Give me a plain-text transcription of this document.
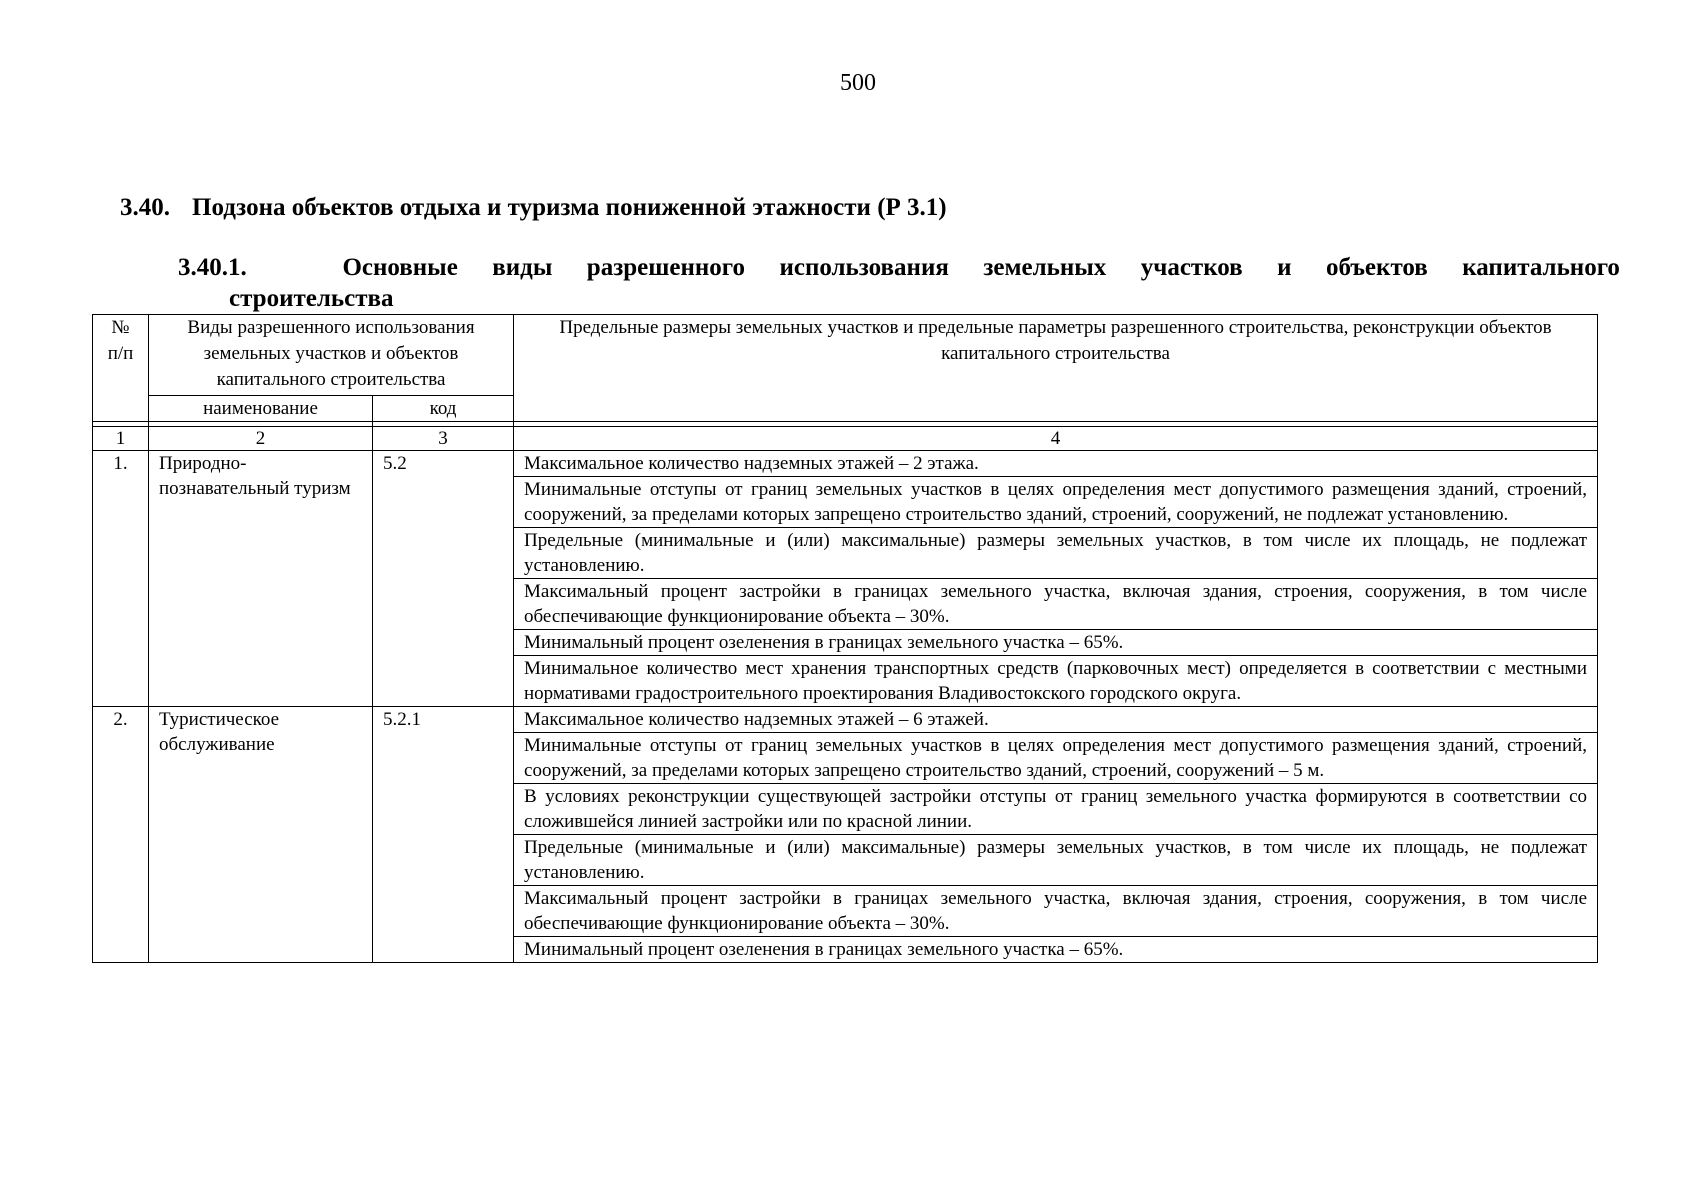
500
3.40. Подзона объектов отдыха и туризма пониженной этажности (Р 3.1)
3.40.1.	Основные виды разрешенного использования земельных участков и объектов капитального
строительства
№ п/п	Виды разрешенного использования земельных участков и объектов капитального строительства		Предельные размеры земельных участков и предельные параметры разрешенного строительства, реконструкции объектов капитального строительства
	наименование	код	

1	2	3	4
1.	Природно-познавательный туризм	5.2	Максимальное количество надземных этажей – 2 этажа.
			Минимальные отступы от границ земельных участков в целях определения мест допустимого размещения зданий, строений, сооружений, за пределами которых запрещено строительство зданий, строений, сооружений, не подлежат установлению.
			Предельные (минимальные и (или) максимальные) размеры земельных участков, в том числе их площадь, не подлежат установлению.
			Максимальный процент застройки в границах земельного участка, включая здания, строения, сооружения, в том числе обеспечивающие функционирование объекта – 30%.
			Минимальный процент озеленения в границах земельного участка – 65%.
			Минимальное количество мест хранения транспортных средств (парковочных мест) определяется в соответствии с местными нормативами градостроительного проектирования Владивостокского городского округа.
2.	Туристическое обслуживание	5.2.1	Максимальное количество надземных этажей – 6 этажей.
			Минимальные отступы от границ земельных участков в целях определения мест допустимого размещения зданий, строений, сооружений, за пределами которых запрещено строительство зданий, строений, сооружений – 5 м.
			В условиях реконструкции существующей застройки отступы от границ земельного участка формируются в соответствии со сложившейся линией застройки или по красной линии.
			Предельные (минимальные и (или) максимальные) размеры земельных участков, в том числе их площадь, не подлежат установлению.
			Максимальный процент застройки в границах земельного участка, включая здания, строения, сооружения, в том числе обеспечивающие функционирование объекта – 30%.
			Минимальный процент озеленения в границах земельного участка – 65%.
